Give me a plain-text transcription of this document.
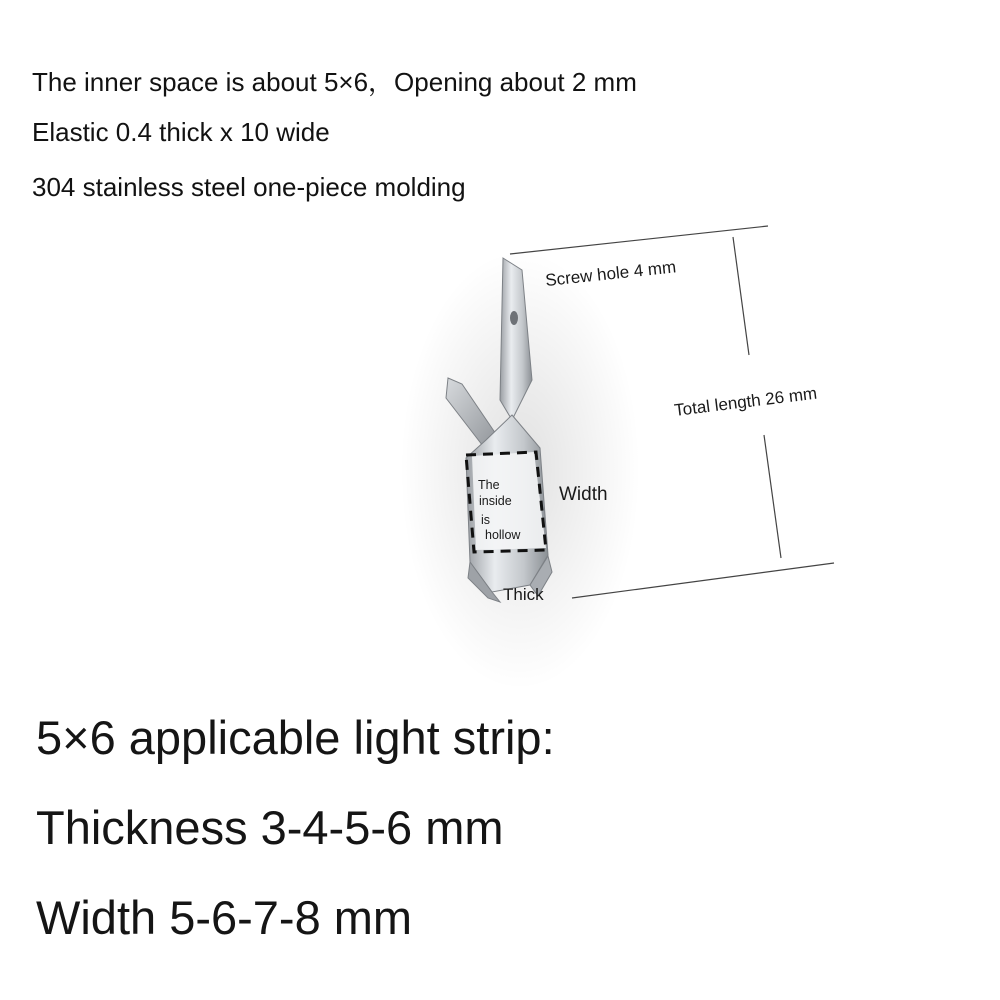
The inner space is about 5×6，Opening about 2 mm
Elastic 0.4 thick x 10 wide
304 stainless steel one-piece molding
The inside is hollow
Screw hole 4 mm
Total length 26 mm
Width
Thick
5×6 applicable light strip:
Thickness 3-4-5-6 mm
Width 5-6-7-8 mm
